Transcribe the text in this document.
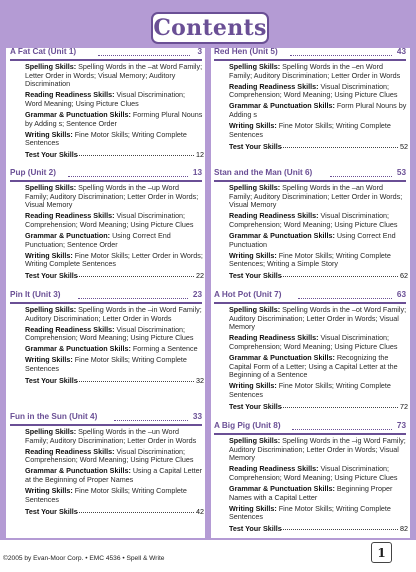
Contents
A Fat Cat (Unit 1)	3
Spelling Skills: Spelling Words in the –at Word Family; Letter Order in Words; Visual Memory; Auditory Discrimination
Reading Readiness Skills: Visual Discrimination; Word Meaning; Using Picture Clues
Grammar & Punctuation Skills: Forming Plural Nouns by Adding s; Sentence Order
Writing Skills: Fine Motor Skills; Writing Complete Sentences
Test Your Skills	12
Pup (Unit 2)	13
Spelling Skills: Spelling Words in the –up Word Family; Auditory Discrimination; Letter Order in Words; Visual Memory
Reading Readiness Skills: Visual Discrimination; Comprehension; Word Meaning; Using Picture Clues
Grammar & Punctuation: Using Correct End Punctuation; Sentence Order
Writing Skills: Fine Motor Skills; Letter Order in Words; Writing Complete Sentences
Test Your Skills	22
Pin It (Unit 3)	23
Spelling Skills: Spelling Words in the –in Word Family; Auditory Discrimination; Letter Order in Words
Reading Readiness Skills: Visual Discrimination; Comprehension; Word Meaning; Using Picture Clues
Grammar & Punctuation Skills: Forming a Sentence
Writing Skills: Fine Motor Skills; Writing Complete Sentences
Test Your Skills	32
Fun in the Sun (Unit 4)	33
Spelling Skills: Spelling Words in the –un Word Family; Auditory Discrimination; Letter Order in Words
Reading Readiness Skills: Visual Discrimination; Comprehension; Word Meaning; Using Picture Clues
Grammar & Punctuation Skills: Using a Capital Letter at the Beginning of Proper Names
Writing Skills: Fine Motor Skills; Writing Complete Sentences
Test Your Skills	42
Red Hen (Unit 5)	43
Spelling Skills: Spelling Words in the –en Word Family; Auditory Discrimination; Letter Order in Words
Reading Readiness Skills: Visual Discrimination; Comprehension; Word Meaning; Using Picture Clues
Grammar & Punctuation Skills: Form Plural Nouns by Adding s
Writing Skills: Fine Motor Skills; Writing Complete Sentences
Test Your Skills	52
Stan and the Man (Unit 6)	53
Spelling Skills: Spelling Words in the –an Word Family; Auditory Discrimination; Letter Order in Words; Visual Memory
Reading Readiness Skills: Visual Discrimination; Comprehension; Word Meaning; Using Picture Clues
Grammar & Punctuation Skills: Using Correct End Punctuation
Writing Skills: Fine Motor Skills; Writing Complete Sentences; Writing a Simple Story
Test Your Skills	62
A Hot Pot (Unit 7)	63
Spelling Skills: Spelling Words in the –ot Word Family; Auditory Discrimination; Letter Order in Words; Visual Memory
Reading Readiness Skills: Visual Discrimination; Comprehension; Word Meaning; Using Picture Clues
Grammar & Punctuation Skills: Recognizing the Capital Form of a Letter; Using a Capital Letter at the Beginning of a Sentence
Writing Skills: Fine Motor Skills; Writing Complete Sentences
Test Your Skills	72
A Big Pig (Unit 8)	73
Spelling Skills: Spelling Words in the –ig Word Family; Auditory Discrimination; Letter Order in Words; Visual Memory
Reading Readiness Skills: Visual Discrimination; Comprehension; Word Meaning; Using Picture Clues
Grammar & Punctuation Skills: Beginning Proper Names with a Capital Letter
Writing Skills: Fine Motor Skills; Writing Complete Sentences
Test Your Skills	82
©2005 by Evan-Moor Corp. • EMC 4536 • Spell & Write	1
